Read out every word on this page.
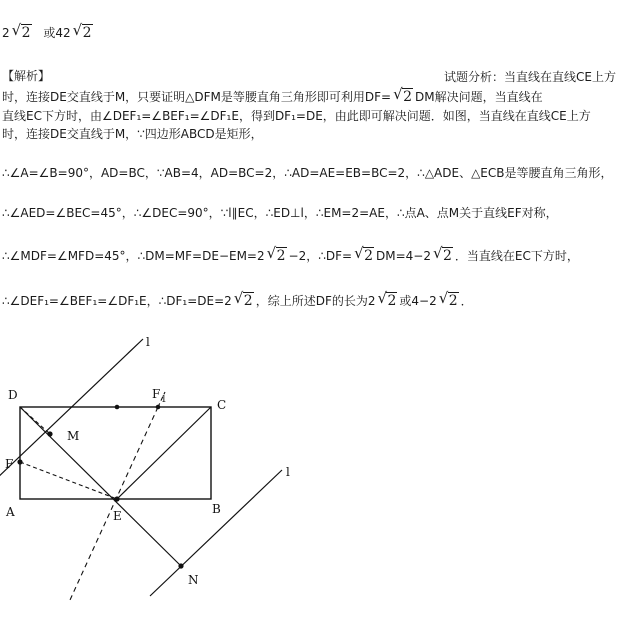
2 √ 2 或42 √ 2
【解析】	试题分析：当直线在直线CE上方
时，连接DE交直线于M，只要证明△DFM是等腰直角三角形即可利用DF= √ 2 DM解决问题，当直线在
直线EC下方时，由∠DEF₁=∠BEF₁=∠DF₁E，得到DF₁=DE，由此即可解决问题．如图，当直线在直线CE上方
时，连接DE交直线于M，∵四边形ABCD是矩形，
∴∠A=∠B=90°，AD=BC，∵AB=4，AD=BC=2，∴AD=AE=EB=BC=2，∴△ADE、△ECB是等腰直角三角形，
∴∠AED=∠BEC=45°，∴∠DEC=90°，∵l∥EC，∴ED⊥l，∴EM=2=AE，∴点A、点M关于直线EF对称，
∴∠MDF=∠MFD=45°，∴DM=MF=DE−EM=2 √ 2 −2，∴DF= √ 2 DM=4−2 √ 2 ．当直线在EC下方时，
∴∠DEF₁=∠BEF₁=∠DF₁E，∴DF₁=DE=2 √ 2 ，综上所述DF的长为2 √ 2 或4−2 √ 2 ．
D
C
A	B
E
F
M
N
F 1
l
l
